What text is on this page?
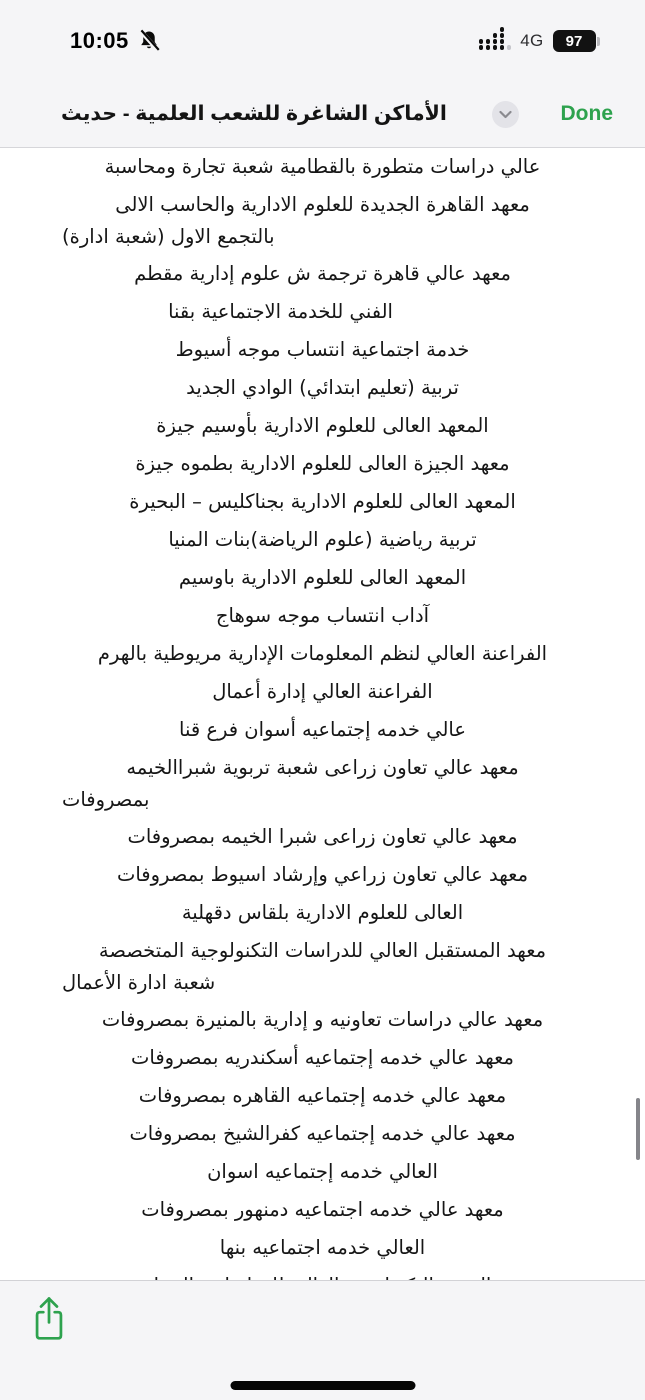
10:05	4G 97
الأماكن الشاغرة للشعب العلمية - حديث	Done
عالي دراسات متطورة بالقطامية شعبة تجارة ومحاسبة
معهد القاهرة الجديدة للعلوم الادارية والحاسب الالى
بالتجمع الاول (شعبة ادارة)
معهد عالي قاهرة ترجمة ش علوم إدارية مقطم
الفني للخدمة الاجتماعية بقنا
خدمة اجتماعية انتساب موجه أسيوط
تربية (تعليم ابتدائي) الوادي الجديد
المعهد العالى للعلوم الادارية بأوسيم جيزة
معهد الجيزة العالى للعلوم الادارية بطموه جيزة
المعهد العالى للعلوم الادارية بجناكليس – البحيرة
تربية رياضية (علوم الرياضة)بنات المنيا
المعهد العالى للعلوم الادارية باوسيم
آداب انتساب موجه سوهاج
الفراعنة العالي لنظم المعلومات الإدارية مريوطية بالهرم
الفراعنة العالي إدارة أعمال
عالي خدمه إجتماعيه أسوان فرع قنا
معهد عالي تعاون زراعى شعبة تربوية شبراالخيمه
بمصروفات
معهد عالي تعاون زراعى شبرا الخيمه بمصروفات
معهد عالي تعاون زراعي وإرشاد اسيوط بمصروفات
العالى للعلوم الادارية بلقاس دقهلية
معهد المستقبل العالي للدراسات التكنولوجية المتخصصة
شعبة ادارة الأعمال
معهد عالي دراسات تعاونيه و إدارية بالمنيرة بمصروفات
معهد عالي خدمه إجتماعيه أسكندريه بمصروفات
معهد عالي خدمه إجتماعيه القاهره بمصروفات
معهد عالي خدمه إجتماعيه كفرالشيخ بمصروفات
العالي خدمه إجتماعيه اسوان
معهد عالي خدمه اجتماعيه دمنهور بمصروفات
العالي خدمه اجتماعيه بنها
